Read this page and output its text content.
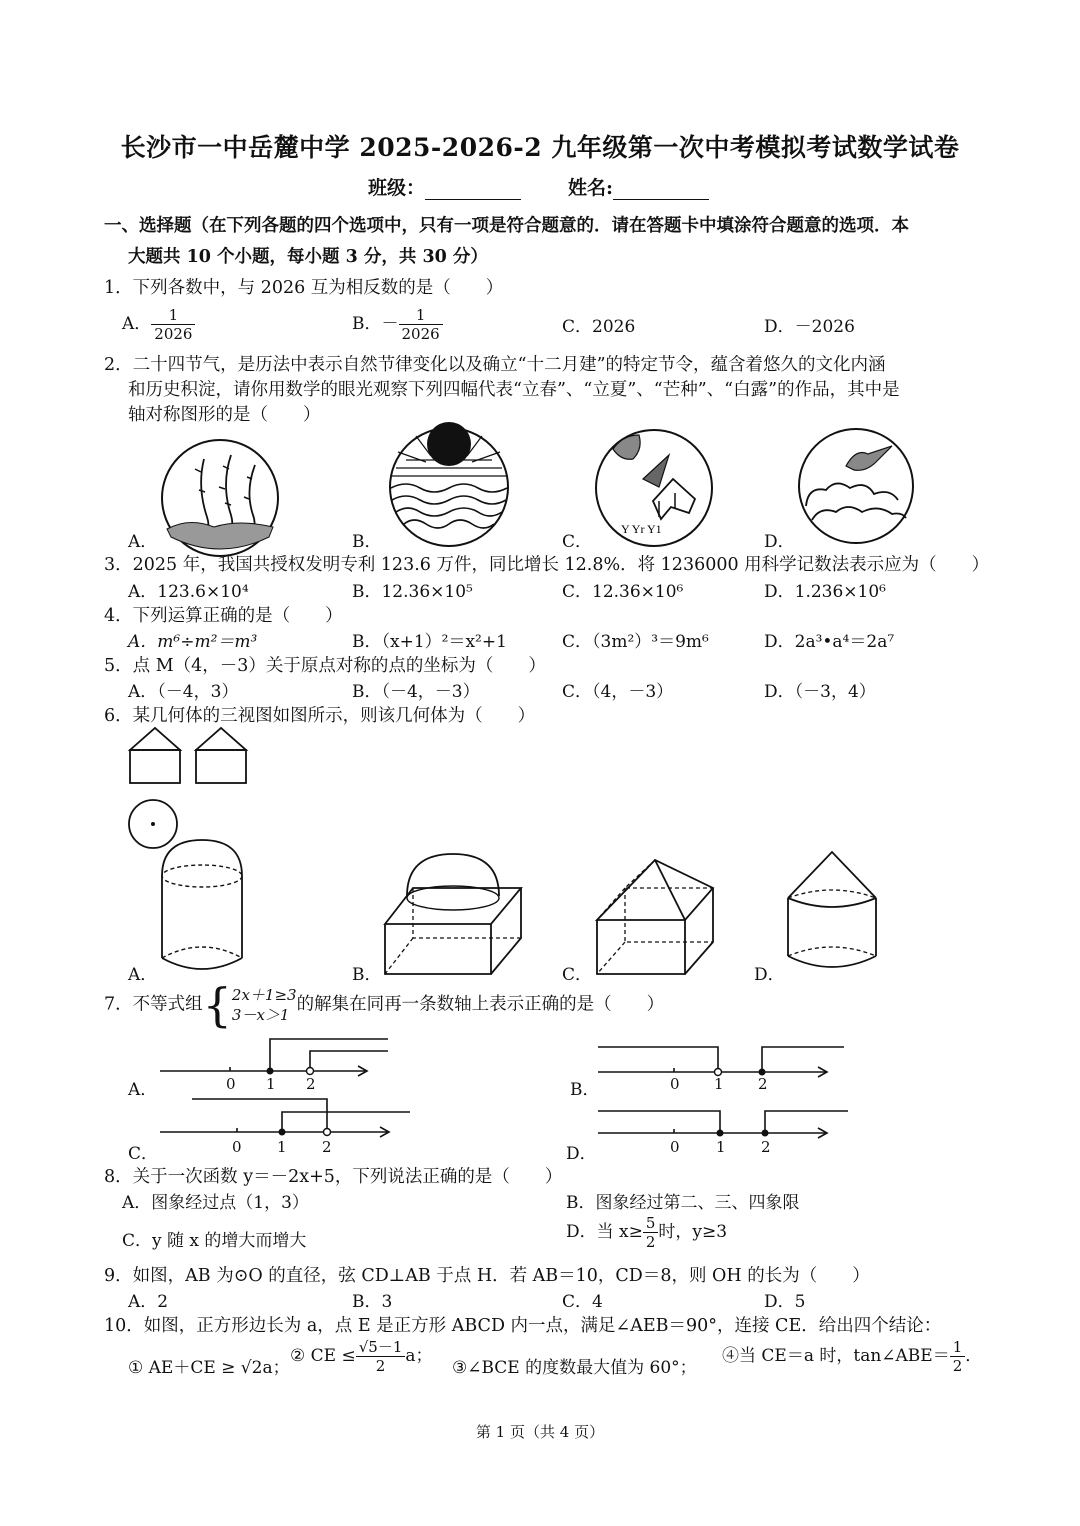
长沙市一中岳麓中学 2025-2026-2 九年级第一次中考模拟考试数学试卷
班级：	姓名:
一、选择题（在下列各题的四个选项中，只有一项是符合题意的．请在答题卡中填涂符合题意的选项．本
大题共 10 个小题，每小题 3 分，共 30 分）
1．下列各数中，与 2026 互为相反数的是（　　）
A． $\frac{1}{2026}$	B．－ $\frac{1}{2026}$	C．2026	D．－2026
2．二十四节气，是历法中表示自然节律变化以及确立“十二月建”的特定节令，蕴含着悠久的文化内涵
和历史积淀，请你用数学的眼光观察下列四幅代表“立春”、“立夏”、“芒种”、“白露”的作品，其中是
轴对称图形的是（　　）
A．	B．
Y Yr Y1
C．	D．
3．2025 年，我国共授权发明专利 123.6 万件，同比增长 12.8%．将 1236000 用科学记数法表示应为（　　）
A．123.6×10⁴	B．12.36×10⁵	C．12.36×10⁶	D．1.236×10⁶
4．下列运算正确的是（　　）
A．m⁶÷m²＝m³	B．（x+1）²＝x²+1	C．（3m²）³＝9m⁶	D．2a³•a⁴＝2a⁷
5．点 M（4，－3）关于原点对称的点的坐标为（　　）
A．（－4，3）	B．（－4，－3）	C．（4，－3）	D．（－3，4）
6．某几何体的三视图如图所示，则该几何体为（　　）
A．	B．	C．	D．
7．不等式组{ 2x＋1≥3
3－x＞1
的解集在同再一条数轴上表示正确的是（　　）
0 1 2
A．	0 1 2
B．
0 1 2
C．	0 1 2
D．
8．关于一次函数 y＝－2x+5，下列说法正确的是（　　）
A．图象经过点（1，3）	B．图象经过第二、三、四象限
C．y 随 x 的增大而增大	D．当 $x\ge \frac{5}{2}$ 时，y≥3
9．如图，AB 为⊙O 的直径，弦 CD⊥AB 于点 H．若 AB＝10，CD＝8，则 OH 的长为（　　）
A．2	B．3	C．4	D．5
10．如图，正方形边长为 a，点 E 是正方形 ABCD 内一点，满足∠AEB＝90°，连接 CE．给出四个结论：
① AE＋CE ≥ √2a；
② CE ≤ $\frac{√5-1}{2}$ a；
③∠BCE 的度数最大值为 60°；
④当 CE＝a 时，tan∠ABE＝ $\frac{1}{2}$ ．
第 1 页（共 4 页）
